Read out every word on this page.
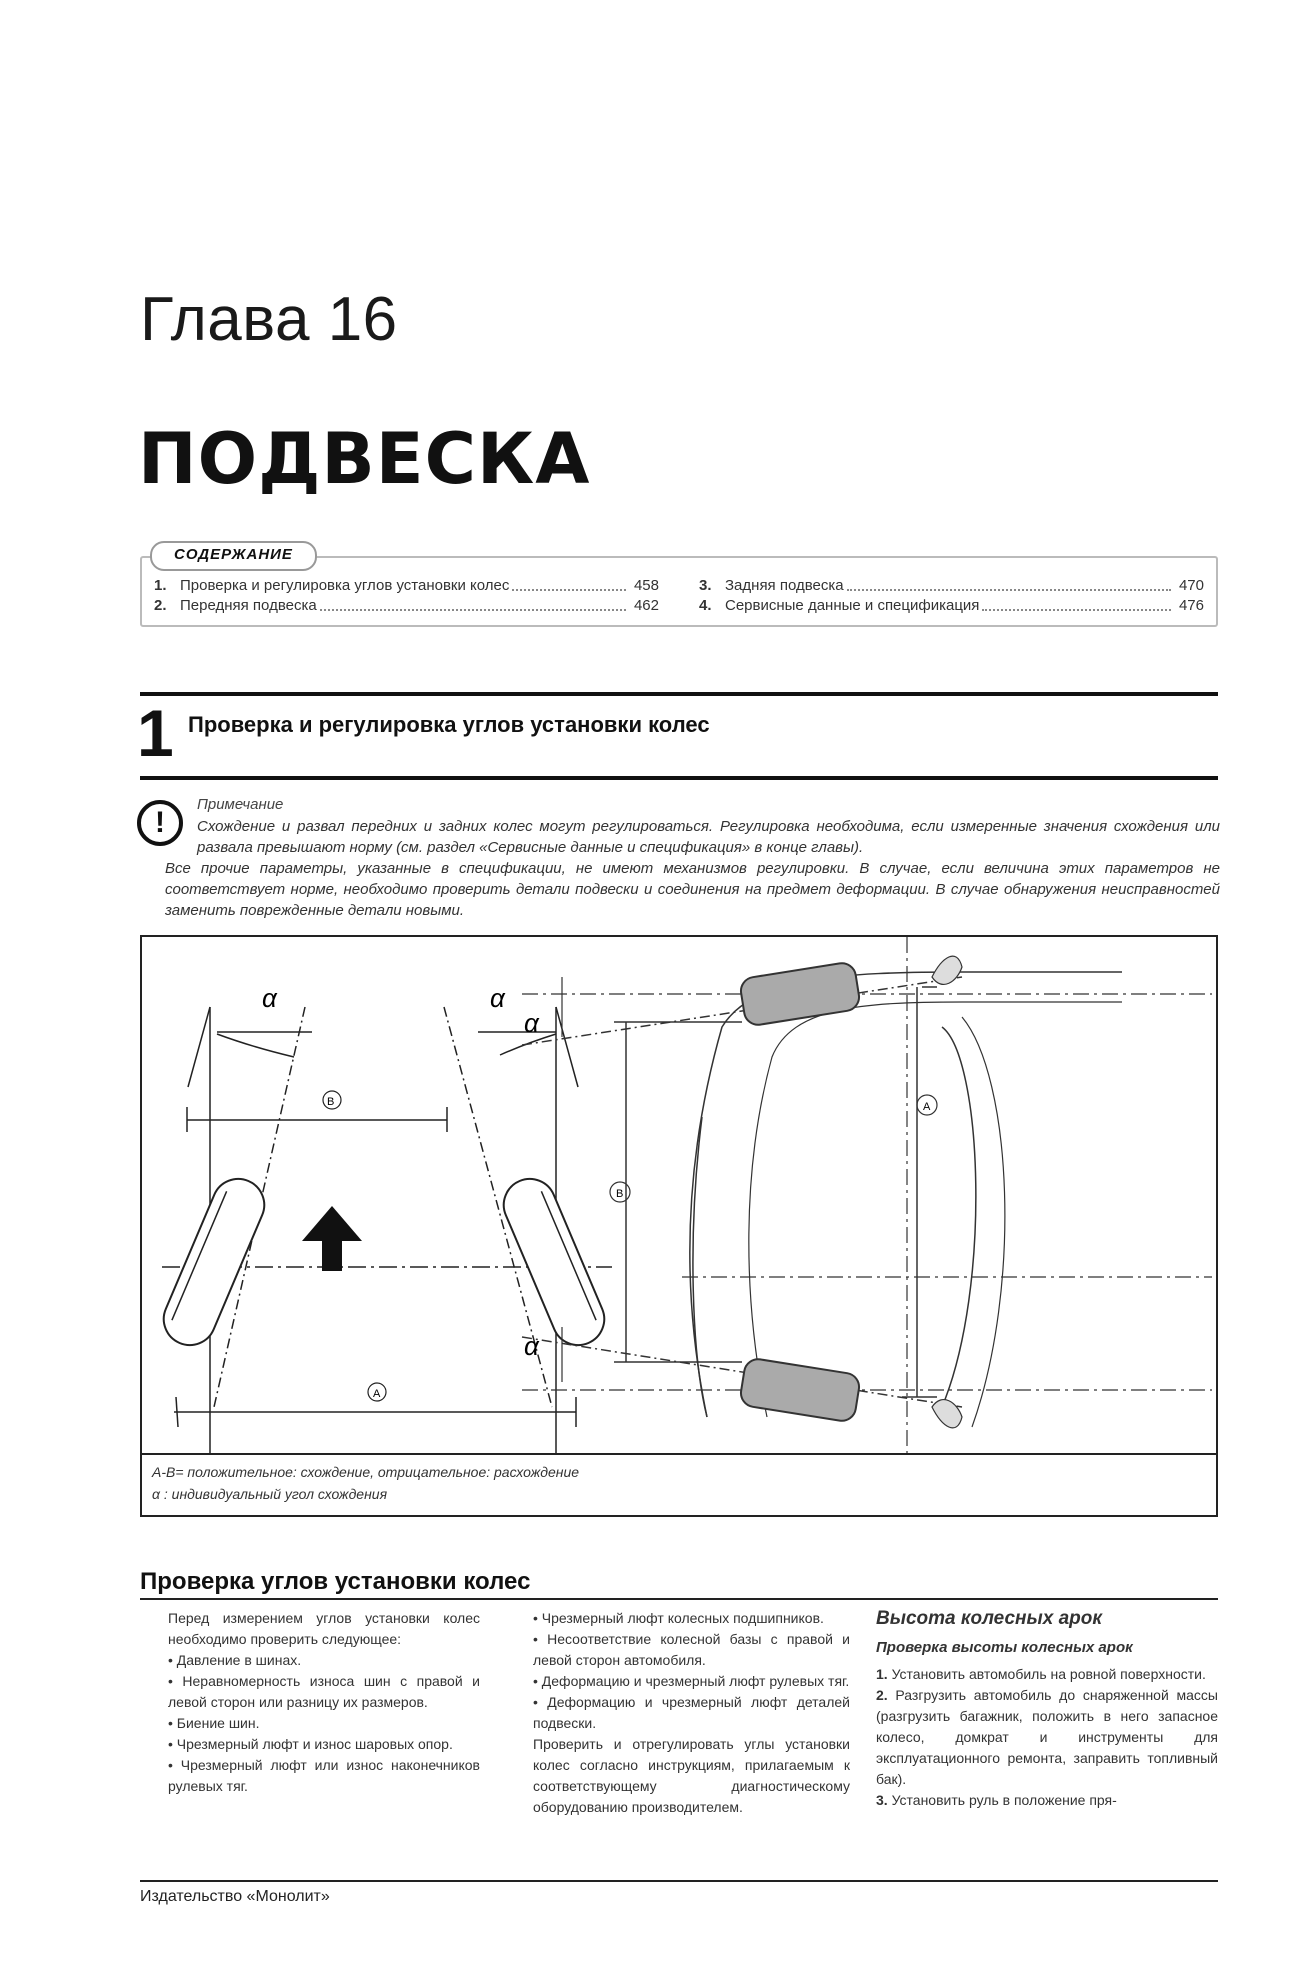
Глава 16
ПОДВЕСКА
1. Проверка и регулировка углов установки колес	458
2. Передняя подвеска	462
3. Задняя подвеска	470
4. Сервисные данные и спецификация	476
СОДЕРЖАНИЕ
1 Проверка и регулировка углов установки колес
!
Примечание
Схождение и развал передних и задних колес могут регулироваться. Регулировка необходима, если измеренные значения схождения или развала превышают норму (см. раздел «Сервисные данные и спецификация» в конце главы).
Все прочие параметры, указанные в спецификации, не имеют механизмов регулировки. В случае, если величина этих параметров не соответствует норме, необходимо проверить детали подвески и соединения на предмет деформации. В случае обнаружения неисправностей заменить поврежденные детали новыми.
α	α
B
A
α
α
B
A
A-B= положительное: схождение, отрицательное: расхождение
α : индивидуальный угол схождения
Проверка углов установки колес

Перед измерением углов установки колес необходимо проверить следующее:

• Давление в шинах.

• Неравномерность износа шин с правой и левой сторон или разницу их размеров.

• Биение шин.

• Чрезмерный люфт и износ шаровых опор.

• Чрезмерный люфт или износ наконечников рулевых тяг.

• Чрезмерный люфт колесных подшипников.

• Несоответствие колесной базы с правой и левой сторон автомобиля.

• Деформацию и чрезмерный люфт рулевых тяг.

• Деформацию и чрезмерный люфт деталей подвески.

Проверить и отрегулировать углы установки колес согласно инструкциям, прилагаемым к соответствующему диагностическому оборудованию производителем.

Высота колесных арок

Проверка высоты колесных арок

1. Установить автомобиль на ровной поверхности.

2. Разгрузить автомобиль до снаряженной массы (разгрузить багажник, положить в него запасное колесо, домкрат и инструменты для эксплуатационного ремонта, заправить топливный бак).

3. Установить руль в положение пря-

Издательство «Монолит»
